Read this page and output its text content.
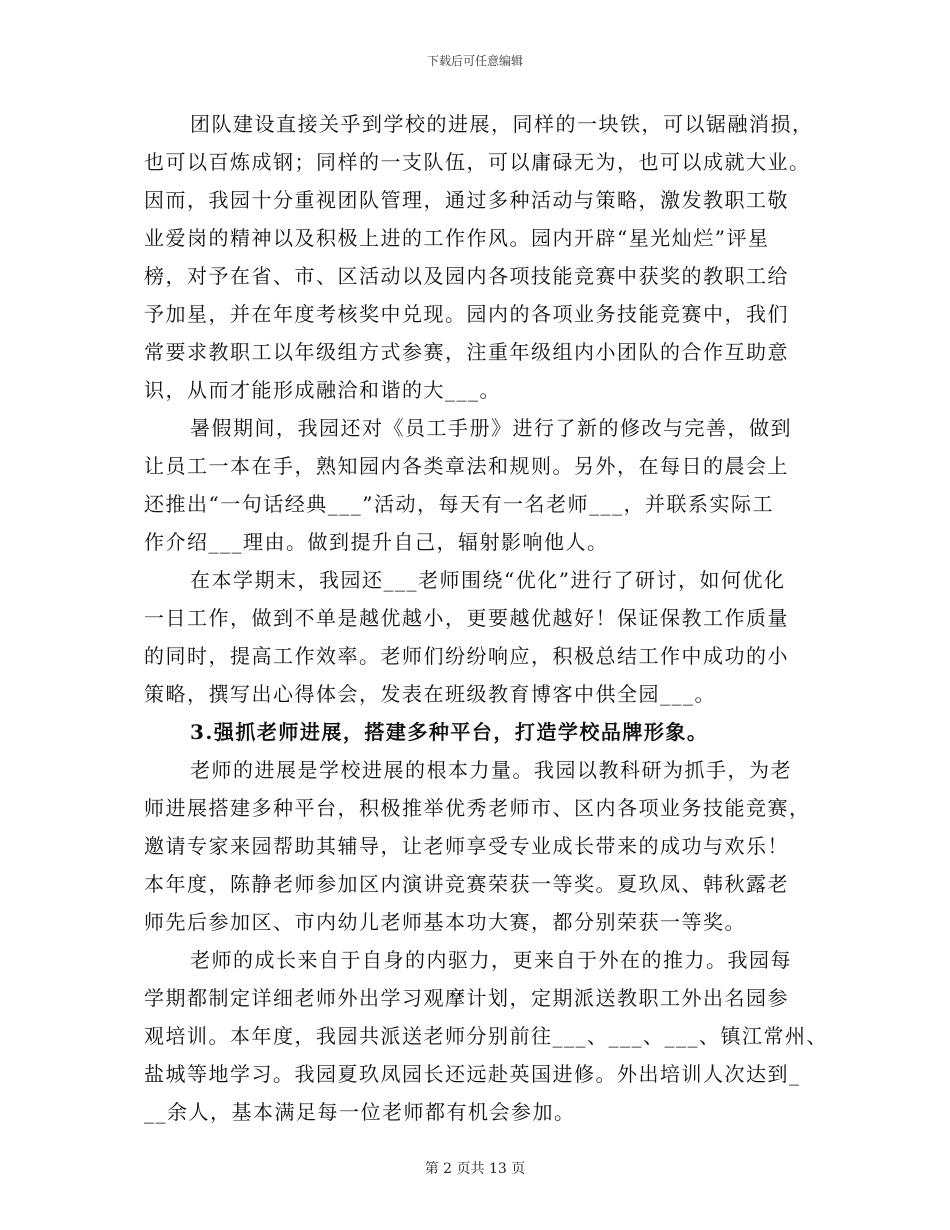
下载后可任意编辑
团队建设直接关乎到学校的进展，同样的一块铁，可以锯融消损，
也可以百炼成钢；同样的一支队伍，可以庸碌无为，也可以成就大业。
因而，我园十分重视团队管理，通过多种活动与策略，激发教职工敬
业爱岗的精神以及积极上进的工作作风。园内开辟“星光灿烂”评星
榜，对予在省、市、区活动以及园内各项技能竞赛中获奖的教职工给
予加星，并在年度考核奖中兑现。园内的各项业务技能竞赛中，我们
常要求教职工以年级组方式参赛，注重年级组内小团队的合作互助意
识，从而才能形成融洽和谐的大___。
暑假期间，我园还对《员工手册》进行了新的修改与完善，做到
让员工一本在手，熟知园内各类章法和规则。另外，在每日的晨会上
还推出“一句话经典___”活动，每天有一名老师___，并联系实际工
作介绍___理由。做到提升自己，辐射影响他人。
在本学期末，我园还___老师围绕“优化”进行了研讨，如何优化
一日工作，做到不单是越优越小，更要越优越好！保证保教工作质量
的同时，提高工作效率。老师们纷纷响应，积极总结工作中成功的小
策略，撰写出心得体会，发表在班级教育博客中供全园___。
3.强抓老师进展，搭建多种平台，打造学校品牌形象。
老师的进展是学校进展的根本力量。我园以教科研为抓手，为老
师进展搭建多种平台，积极推举优秀老师市、区内各项业务技能竞赛，
邀请专家来园帮助其辅导，让老师享受专业成长带来的成功与欢乐！
本年度，陈静老师参加区内演讲竞赛荣获一等奖。夏玖凤、韩秋露老
师先后参加区、市内幼儿老师基本功大赛，都分别荣获一等奖。
老师的成长来自于自身的内驱力，更来自于外在的推力。我园每
学期都制定详细老师外出学习观摩计划，定期派送教职工外出名园参
观培训。本年度，我园共派送老师分别前往___、___、___、镇江常州、
盐城等地学习。我园夏玖凤园长还远赴英国进修。外出培训人次达到_
__余人，基本满足每一位老师都有机会参加。
第 2 页共 13 页
